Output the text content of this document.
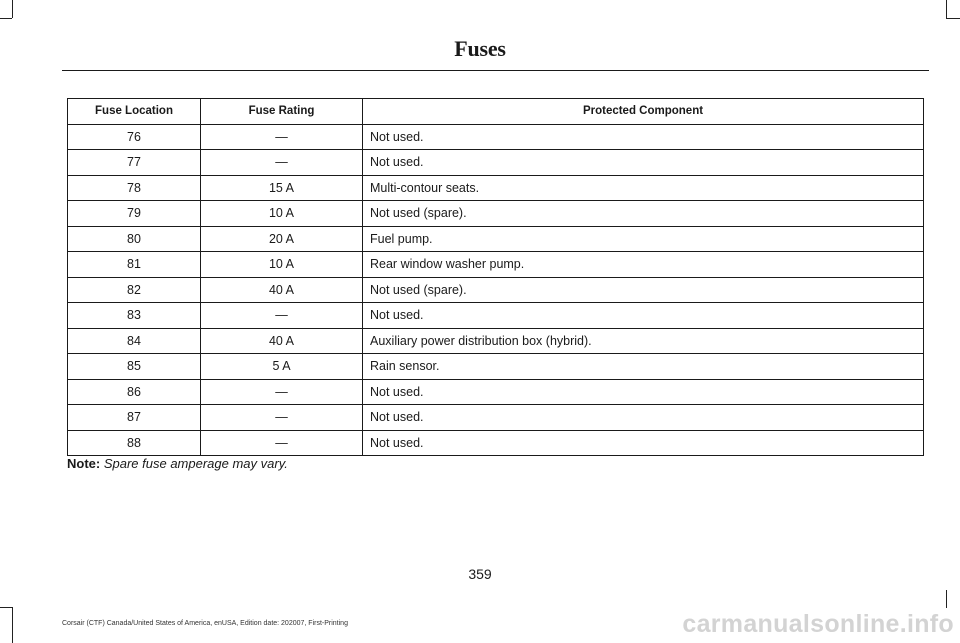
Fuses
Fuse Location	Fuse Rating	Protected Component
76	—	Not used.
77	—	Not used.
78	15 A	Multi-contour seats.
79	10 A	Not used (spare).
80	20 A	Fuel pump.
81	10 A	Rear window washer pump.
82	40 A	Not used (spare).
83	—	Not used.
84	40 A	Auxiliary power distribution box (hybrid).
85	5 A	Rain sensor.
86	—	Not used.
87	—	Not used.
88	—	Not used.
Note: Spare fuse amperage may vary.
359
Corsair (CTF) Canada/United States of America, enUSA, Edition date: 202007, First-Printing	carmanualsonline.info
